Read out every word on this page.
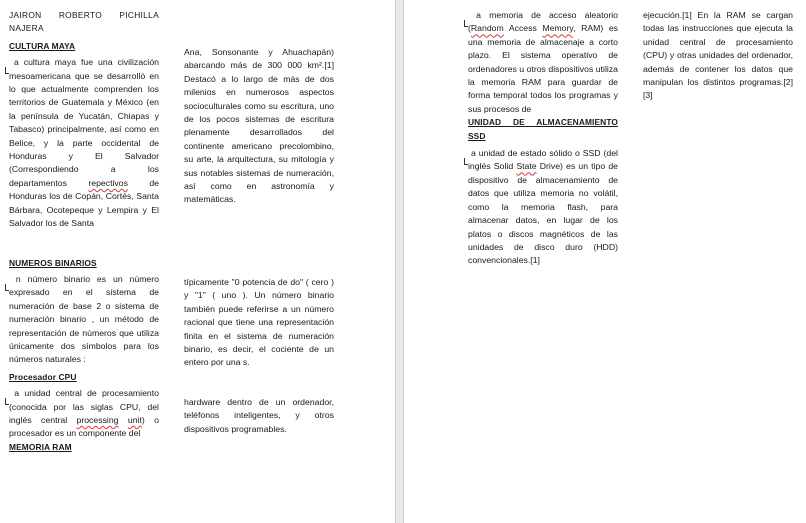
JAIRON ROBERTO PICHILLA NAJERA

CULTURA MAYA

a cultura maya fue una civilización mesoamericana que se desarrolló en lo que actualmente comprenden los territorios de Guatemala y México (en la península de Yucatán, Chiapas y Tabasco) principalmente, así como en Belice, y la parte occidental de Honduras y El Salvador (Correspondiendo a los departamentos repectivos de Honduras los de Copán, Cortés, Santa Bárbara, Ocotepeque y Lempira y El Salvador los de Santa

NUMEROS BINARIOS

n número binario es un número expresado en el sistema de numeración de base 2 o sistema de numeración binario , un método de representación de números que utiliza únicamente dos símbolos para los números naturales :

Procesador CPU

a unidad central de procesamiento (conocida por las siglas CPU, del inglés central processing unit) o procesador es un componente del

MEMORIA RAM

Ana, Sonsonante y Ahuachapán) abarcando más de 300 000 km².[1] Destacó a lo largo de más de dos milenios en numerosos aspectos socioculturales como su escritura, uno de los pocos sistemas de escritura plenamente desarrollados del continente americano precolombino, su arte, la arquitectura, su mitología y sus notables sistemas de numeración, así como en astronomía y matemáticas.

típicamente "0 potencia de do" ( cero ) y "1" ( uno ). Un número binario también puede referirse a un número racional que tiene una representación finita en el sistema de numeración binario, es decir, el cociente de un entero por una s.

hardware dentro de un ordenador, teléfonos inteligentes, y otros dispositivos programables.

a memoria de acceso aleatorio (Random Access Memory, RAM) es una memoria de almacenaje a corto plazo. El sistema operativo de ordenadores u otros dispositivos utiliza la memoria RAM para guardar de forma temporal todos los programas y sus procesos de

UNIDAD DE ALMACENAMIENTO SSD

a unidad de estado sólido o SSD (del inglés Solid State Drive) es un tipo de dispositivo de almacenamiento de datos que utiliza memoria no volátil, como la memoria flash, para almacenar datos, en lugar de los platos o discos magnéticos de las unidades de disco duro (HDD) convencionales.[1]

ejecución.[1] En la RAM se cargan todas las instrucciones que ejecuta la unidad central de procesamiento (CPU) y otras unidades del ordenador, además de contener los datos que manipulan los distintos programas.[2][3]
